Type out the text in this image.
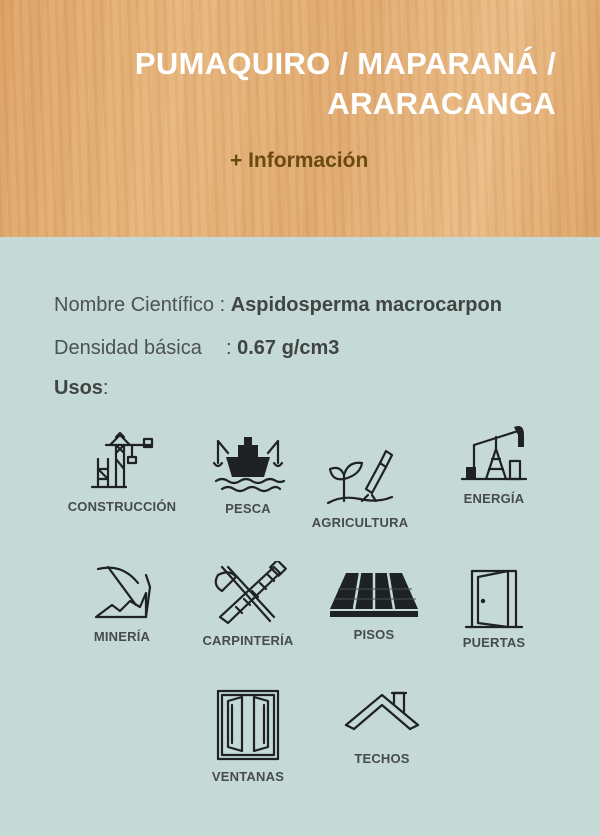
PUMAQUIRO / MAPARANÁ /
ARARACANGA
+ Información
Nombre Científico : Aspidosperma macrocarpon
Densidad básica : 0.67 g/cm3
Usos:
CONSTRUCCIÓN	PESCA
AGRICULTURA
ENERGÍA
MINERÍA	CARPINTERÍA	PISOS
PUERTAS
VENTANAS
TECHOS
